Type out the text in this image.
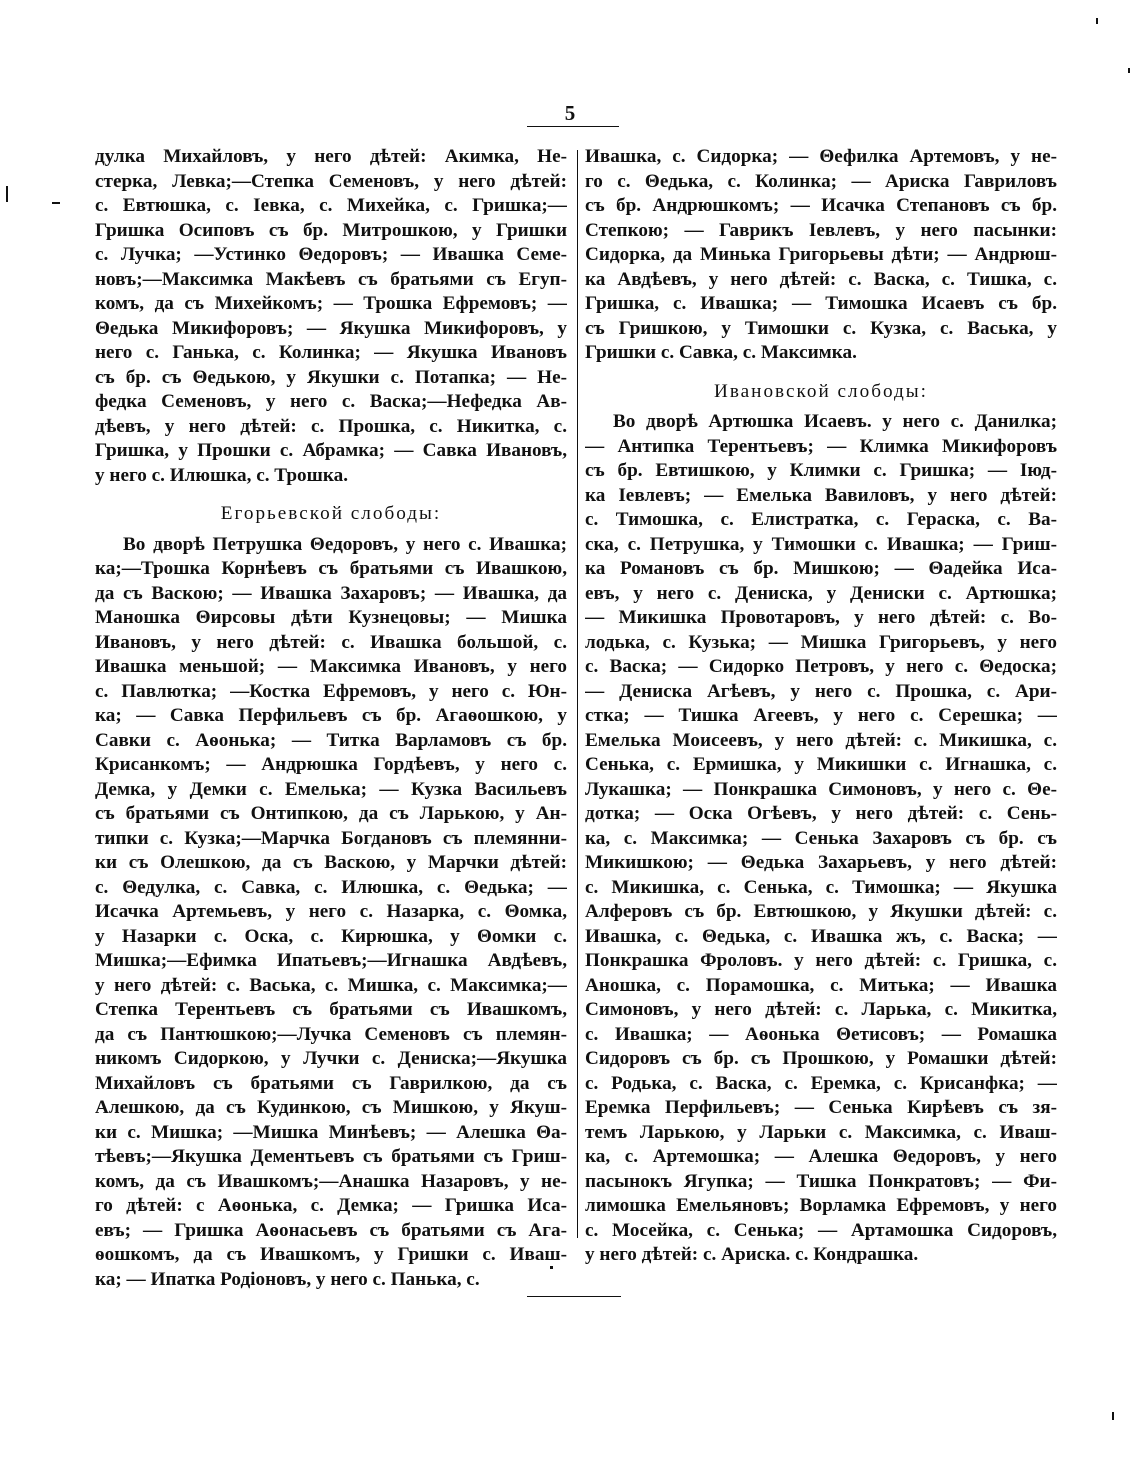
5
дулка Михайловъ, у него дѣтей: Акимка, Не-
стерка, Левка;—Степка Семеновъ, у него дѣтей:
с. Евтюшка, с. Іевка, с. Михейка, с. Гришка;—
Гришка Осиповъ съ бр. Митрошкою, у Гришки
с. Лучка; —Устинко Θедоровъ; — Ивашка Семе-
новъ;—Максимка Макѣевъ съ братьями съ Егуп-
комъ, да съ Михейкомъ; — Трошка Ефремовъ; —
Θедька Микифоровъ; — Якушка Микифоровъ, у
него с. Ганька, с. Колинка; — Якушка Ивановъ
съ бр. съ Θедькою, у Якушки с. Потапка; — Не-
федка Семеновъ, у него с. Васка;—Нефедка Ав-
дѣевъ, у него дѣтей: с. Прошка, с. Никитка, с.
Гришка, у Прошки с. Абрамка; — Савка Ивановъ,
у него с. Илюшка, с. Трошка.
Егорьевской слободы:
Во дворѣ Петрушка Θедоровъ, у него с. Ивашка;
ка;—Трошка Корнѣевъ съ братьями съ Ивашкою,
да съ Васкою; — Ивашка Захаровъ; — Ивашка, да
Маношка Θирсовы дѣти Кузнецовы; — Мишка
Ивановъ, у него дѣтей: с. Ивашка большой, с.
Ивашка меньшой; — Максимка Ивановъ, у него
с. Павлютка; —Костка Ефремовъ, у него с. Юн-
ка; — Савка Перфильевъ съ бр. Агаѳошкою, у
Савки с. Аѳонька; — Титка Варламовъ съ бр.
Крисанкомъ; — Андрюшка Гордѣевъ, у него с.
Демка, у Демки с. Емелька; — Кузка Васильевъ
съ братьями съ Онтипкою, да съ Ларькою, у Ан-
типки с. Кузка;—Марчка Богдановъ съ племянни-
ки съ Олешкою, да съ Васкою, у Марчки дѣтей:
с. Θедулка, с. Савка, с. Илюшка, с. Θедька; —
Исачка Артемьевъ, у него с. Назарка, с. Θомка,
у Назарки с. Оска, с. Кирюшка, у Θомки с.
Мишка;—Ефимка Ипатьевъ;—Игнашка Авдѣевъ,
у него дѣтей: с. Васька, с. Мишка, с. Максимка;—
Степка Терентьевъ съ братьями съ Ивашкомъ,
да съ Пантюшкою;—Лучка Семеновъ съ племян-
никомъ Сидоркою, у Лучки с. Дениска;—Якушка
Михайловъ съ братьями съ Гаврилкою, да съ
Алешкою, да съ Кудинкою, съ Мишкою, у Якуш-
ки с. Мишка; —Мишка Минѣевъ; — Алешка Θа-
тѣевъ;—Якушка Дементьевъ съ братьями съ Гриш-
комъ, да съ Ивашкомъ;—Анашка Назаровъ, у не-
го дѣтей: с Аѳонька, с. Демка; — Гришка Иса-
евъ; — Гришка Аѳонасьевъ съ братьями съ Ага-
ѳошкомъ, да съ Ивашкомъ, у Гришки с. Иваш-
ка; — Ипатка Родіоновъ, у него с. Панька, с.
Ивашка, с. Сидорка; — Θефилка Артемовъ, у не-
го с. Θедька, с. Колинка; — Ариска Гавриловъ
съ бр. Андрюшкомъ; — Исачка Степановъ съ бр.
Степкою; — Гаврикъ Іевлевъ, у него пасынки:
Сидорка, да Минька Григорьевы дѣти; — Андрюш-
ка Авдѣевъ, у него дѣтей: с. Васка, с. Тишка, с.
Гришка, с. Ивашка; — Тимошка Исаевъ съ бр.
съ Гришкою, у Тимошки с. Кузка, с. Васька, у
Гришки с. Савка, с. Максимка.
Ивановской слободы:
Во дворѣ Артюшка Исаевъ. у него с. Данилка;
— Антипка Терентьевъ; — Климка Микифоровъ
съ бр. Евтишкою, у Климки с. Гришка; — Іюд-
ка Іевлевъ; — Емелька Вавиловъ, у него дѣтей:
с. Тимошка, с. Елистратка, с. Гераска, с. Ва-
ска, с. Петрушка, у Тимошки с. Ивашка; — Гриш-
ка Романовъ съ бр. Мишкою; — Θадейка Иса-
евъ, у него с. Дениска, у Дениски с. Артюшка;
— Микишка Провотаровъ, у него дѣтей: с. Во-
лодька, с. Кузька; — Мишка Григорьевъ, у него
с. Васка; — Сидорко Петровъ, у него с. Θедоска;
— Дениска Агѣевъ, у него с. Прошка, с. Ари-
стка; — Тишка Агеевъ, у него с. Серешка; —
Емелька Моисеевъ, у него дѣтей: с. Микишка, с.
Сенька, с. Ермишка, у Микишки с. Игнашка, с.
Лукашка; — Понкрашка Симоновъ, у него с. Θе-
дотка; — Оска Огѣевъ, у него дѣтей: с. Сень-
ка, с. Максимка; — Сенька Захаровъ съ бр. съ
Микишкою; — Θедька Захарьевъ, у него дѣтей:
с. Микишка, с. Сенька, с. Тимошка; — Якушка
Алферовъ съ бр. Евтюшкою, у Якушки дѣтей: с.
Ивашка, с. Θедька, с. Ивашка жъ, с. Васка; —
Понкрашка Фроловъ. у него дѣтей: с. Гришка, с.
Аношка, с. Порамошка, с. Митька; — Ивашка
Симоновъ, у него дѣтей: с. Ларька, с. Микитка,
с. Ивашка; — Аѳонька Θетисовъ; — Ромашка
Сидоровъ съ бр. съ Прошкою, у Ромашки дѣтей:
с. Родька, с. Васка, с. Еремка, с. Крисанфка; —
Еремка Перфильевъ; — Сенька Кирѣевъ съ зя-
темъ Ларькою, у Ларьки с. Максимка, с. Иваш-
ка, с. Артемошка; — Алешка Θедоровъ, у него
пасынокъ Ягупка; — Тишка Понкратовъ; — Фи-
лимошка Емельяновъ; Ворламка Ефремовъ, у него
с. Мосейка, с. Сенька; — Артамошка Сидоровъ,
у него дѣтей: с. Ариска. с. Кондрашка.
